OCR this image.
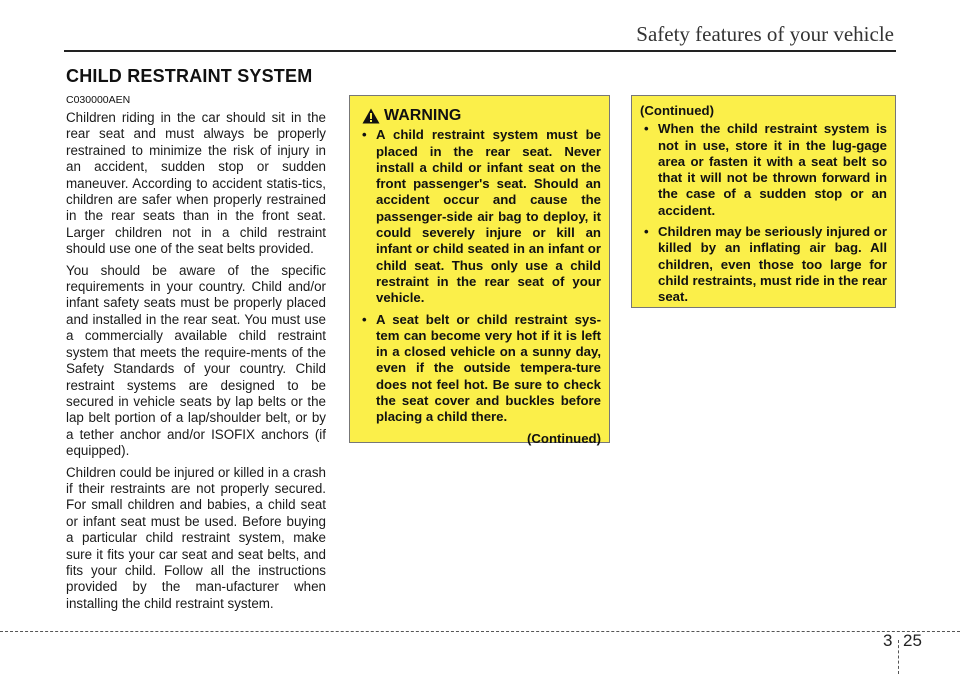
Safety features of your vehicle
CHILD RESTRAINT SYSTEM
C030000AEN

Children riding in the car should sit in the rear seat and must always be properly restrained to minimize the risk of injury in an accident, sudden stop or sudden maneuver. According to accident statis-tics, children are safer when properly restrained in the rear seats than in the front seat. Larger children not in a child restraint should use one of the seat belts provided.

You should be aware of the specific requirements in your country. Child and/or infant safety seats must be properly placed and installed in the rear seat. You must use a commercially available child restraint system that meets the require-ments of the Safety Standards of your country. Child restraint systems are designed to be secured in vehicle seats by lap belts or the lap belt portion of a lap/shoulder belt, or by a tether anchor and/or ISOFIX anchors (if equipped).

Children could be injured or killed in a crash if their restraints are not properly secured. For small children and babies, a child seat or infant seat must be used. Before buying a particular child restraint system, make sure it fits your car seat and seat belts, and fits your child. Follow all the instructions provided by the man-ufacturer when installing the child restraint system.

WARNING
• A child restraint system must be placed in the rear seat. Never install a child or infant seat on the front passenger's seat. Should an accident occur and cause the passenger-side air bag to deploy, it could severely injure or kill an infant or child seated in an infant or child seat. Thus only use a child restraint in the rear seat of your vehicle.
• A seat belt or child restraint sys-tem can become very hot if it is left in a closed vehicle on a sunny day, even if the outside tempera-ture does not feel hot. Be sure to check the seat cover and buckles before placing a child there.
(Continued)
(Continued)
• When the child restraint system is not in use, store it in the lug-gage area or fasten it with a seat belt so that it will not be thrown forward in the case of a sudden stop or an accident.
• Children may be seriously injured or killed by an inflating air bag. All children, even those too large for child restraints, must ride in the rear seat.
3 25
